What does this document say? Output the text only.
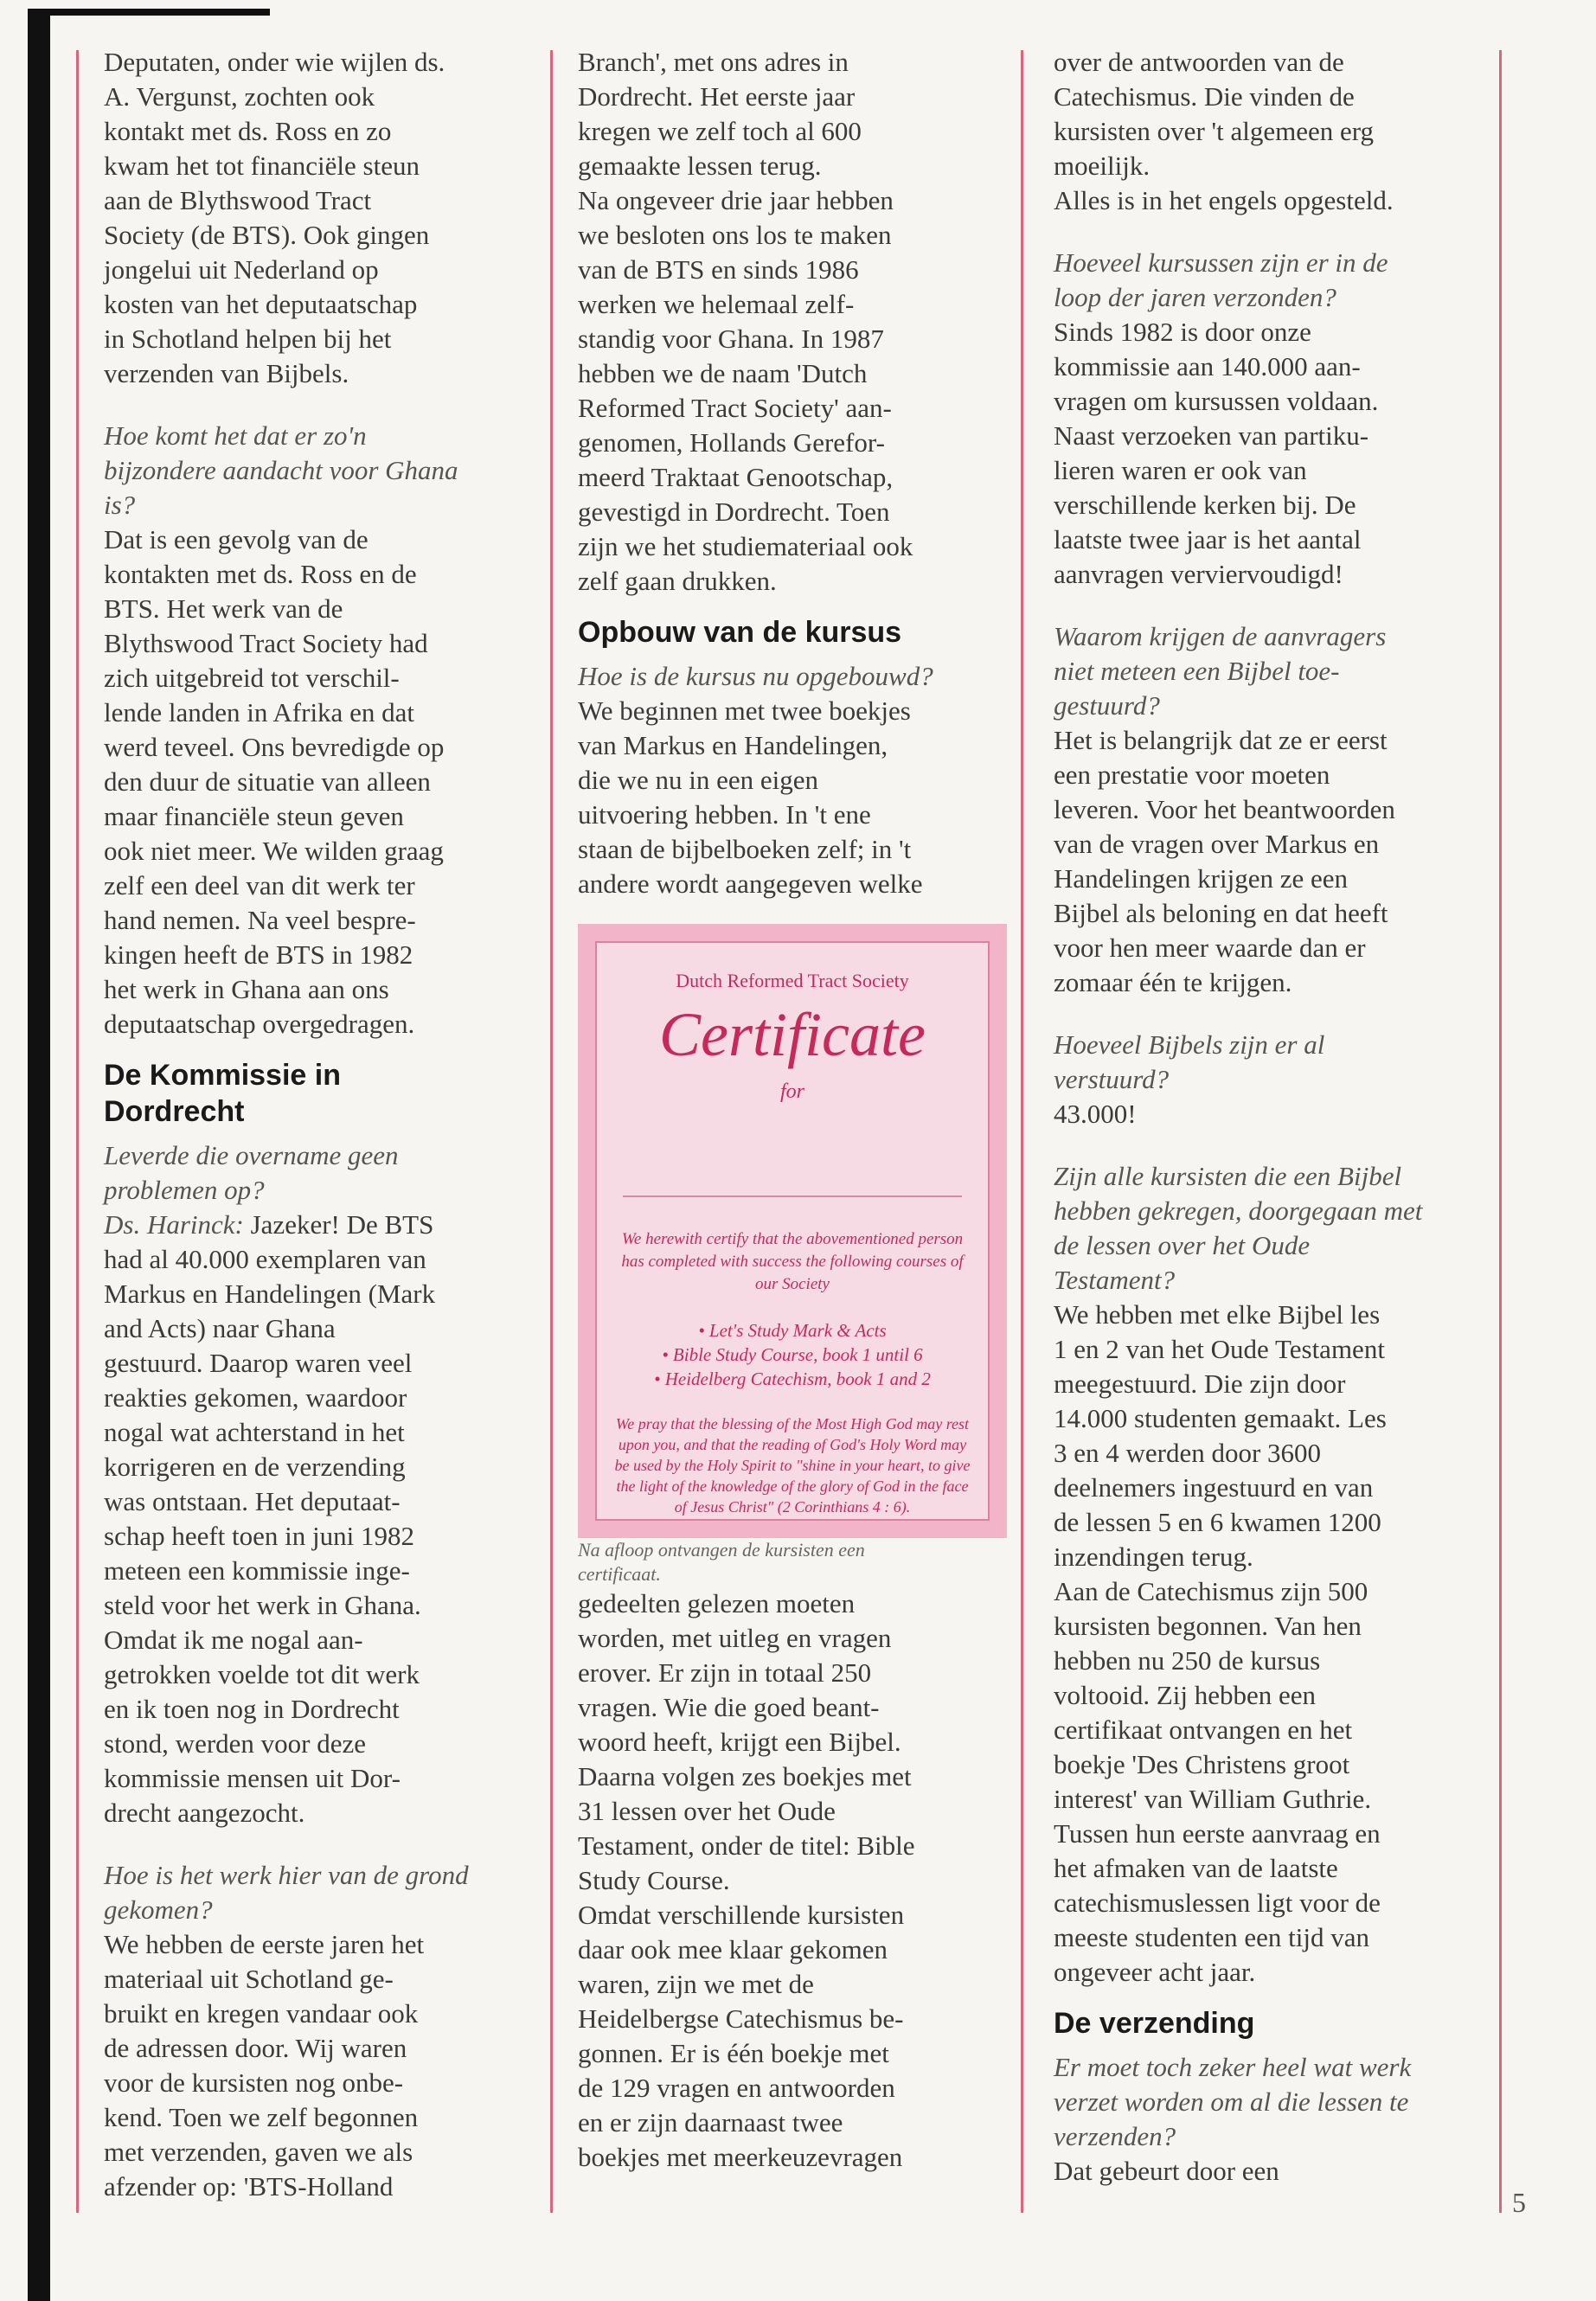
Deputaten, onder wie wijlen ds.
A. Vergunst, zochten ook
kontakt met ds. Ross en zo
kwam het tot financiële steun
aan de Blythswood Tract
Society (de BTS). Ook gingen
jongelui uit Nederland op
kosten van het deputaatschap
in Schotland helpen bij het
verzenden van Bijbels.

Hoe komt het dat er zo'n
bijzondere aandacht voor Ghana
is?

Dat is een gevolg van de
kontakten met ds. Ross en de
BTS. Het werk van de
Blythswood Tract Society had
zich uitgebreid tot verschil-
lende landen in Afrika en dat
werd teveel. Ons bevredigde op
den duur de situatie van alleen
maar financiële steun geven
ook niet meer. We wilden graag
zelf een deel van dit werk ter
hand nemen. Na veel bespre-
kingen heeft de BTS in 1982
het werk in Ghana aan ons
deputaatschap overgedragen.

De Kommissie in
Dordrecht

Leverde die overname geen
problemen op?

Ds. Harinck: Jazeker! De BTS
had al 40.000 exemplaren van
Markus en Handelingen (Mark
and Acts) naar Ghana
gestuurd. Daarop waren veel
reakties gekomen, waardoor
nogal wat achterstand in het
korrigeren en de verzending
was ontstaan. Het deputaat-
schap heeft toen in juni 1982
meteen een kommissie inge-
steld voor het werk in Ghana.
Omdat ik me nogal aan-
getrokken voelde tot dit werk
en ik toen nog in Dordrecht
stond, werden voor deze
kommissie mensen uit Dor-
drecht aangezocht.

Hoe is het werk hier van de grond
gekomen?

We hebben de eerste jaren het
materiaal uit Schotland ge-
bruikt en kregen vandaar ook
de adressen door. Wij waren
voor de kursisten nog onbe-
kend. Toen we zelf begonnen
met verzenden, gaven we als
afzender op: 'BTS-Holland

Branch', met ons adres in
Dordrecht. Het eerste jaar
kregen we zelf toch al 600
gemaakte lessen terug.
Na ongeveer drie jaar hebben
we besloten ons los te maken
van de BTS en sinds 1986
werken we helemaal zelf-
standig voor Ghana. In 1987
hebben we de naam 'Dutch
Reformed Tract Society' aan-
genomen, Hollands Gerefor-
meerd Traktaat Genootschap,
gevestigd in Dordrecht. Toen
zijn we het studiemateriaal ook
zelf gaan drukken.

Opbouw van de kursus

Hoe is de kursus nu opgebouwd?

We beginnen met twee boekjes
van Markus en Handelingen,
die we nu in een eigen
uitvoering hebben. In 't ene
staan de bijbelboeken zelf; in 't
andere wordt aangegeven welke

Dutch Reformed Tract Society
Certificate
for
We herewith certify that the abovementioned person has completed with success the following courses of our Society
• Let's Study Mark & Acts
• Bible Study Course, book 1 until 6
• Heidelberg Catechism, book 1 and 2
We pray that the blessing of the Most High God may rest upon you, and that the reading of God's Holy Word may be used by the Holy Spirit to "shine in your heart, to give the light of the knowledge of the glory of God in the face of Jesus Christ" (2 Corinthians 4 : 6).

Na afloop ontvangen de kursisten een
certificaat.

gedeelten gelezen moeten
worden, met uitleg en vragen
erover. Er zijn in totaal 250
vragen. Wie die goed beant-
woord heeft, krijgt een Bijbel.
Daarna volgen zes boekjes met
31 lessen over het Oude
Testament, onder de titel: Bible
Study Course.
Omdat verschillende kursisten
daar ook mee klaar gekomen
waren, zijn we met de
Heidelbergse Catechismus be-
gonnen. Er is één boekje met
de 129 vragen en antwoorden
en er zijn daarnaast twee
boekjes met meerkeuzevragen

over de antwoorden van de
Catechismus. Die vinden de
kursisten over 't algemeen erg
moeilijk.
Alles is in het engels opgesteld.

Hoeveel kursussen zijn er in de
loop der jaren verzonden?

Sinds 1982 is door onze
kommissie aan 140.000 aan-
vragen om kursussen voldaan.
Naast verzoeken van partiku-
lieren waren er ook van
verschillende kerken bij. De
laatste twee jaar is het aantal
aanvragen verviervoudigd!

Waarom krijgen de aanvragers
niet meteen een Bijbel toe-
gestuurd?

Het is belangrijk dat ze er eerst
een prestatie voor moeten
leveren. Voor het beantwoorden
van de vragen over Markus en
Handelingen krijgen ze een
Bijbel als beloning en dat heeft
voor hen meer waarde dan er
zomaar één te krijgen.

Hoeveel Bijbels zijn er al
verstuurd?

43.000!

Zijn alle kursisten die een Bijbel
hebben gekregen, doorgegaan met
de lessen over het Oude
Testament?

We hebben met elke Bijbel les
1 en 2 van het Oude Testament
meegestuurd. Die zijn door
14.000 studenten gemaakt. Les
3 en 4 werden door 3600
deelnemers ingestuurd en van
de lessen 5 en 6 kwamen 1200
inzendingen terug.
Aan de Catechismus zijn 500
kursisten begonnen. Van hen
hebben nu 250 de kursus
voltooid. Zij hebben een
certifikaat ontvangen en het
boekje 'Des Christens groot
interest' van William Guthrie.
Tussen hun eerste aanvraag en
het afmaken van de laatste
catechismuslessen ligt voor de
meeste studenten een tijd van
ongeveer acht jaar.

De verzending

Er moet toch zeker heel wat werk
verzet worden om al die lessen te
verzenden?

Dat gebeurt door een

5
